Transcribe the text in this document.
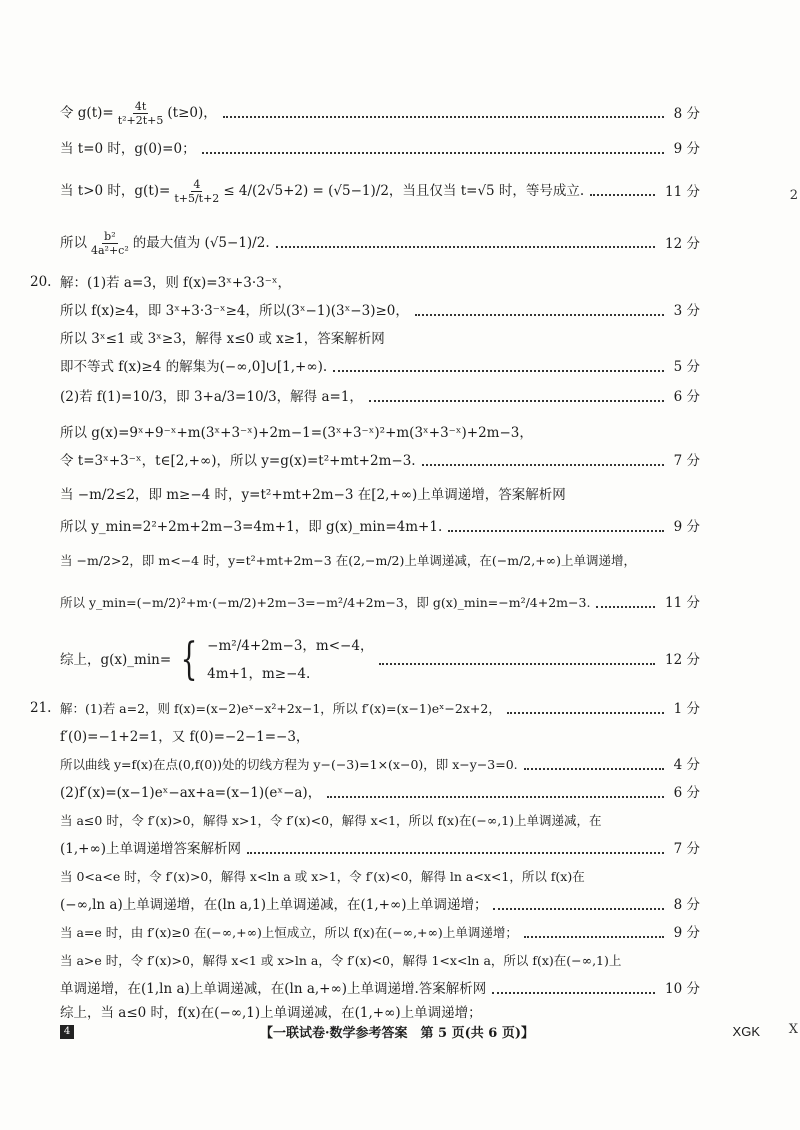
令 $g(t)= \frac{4t}{\text{t²+2t+5}} (t\ge 0)$，	8 分
当 t=0 时，g(0)=0；	9 分
当 t>0 时，$g(t)= \frac{4}{t+5/t+2} \le 4/(2√5+2) = (√5-1)/2$，当且仅当 t=√5 时，等号成立.	11 分
所以 $\frac{\text{b²}}{\text{4a²+c²}}$ 的最大值为 (√5−1)/2.	12 分
20. 解：(1)若 a=3，则 f(x)=3ˣ+3·3⁻ˣ，
所以 f(x)≥4，即 3ˣ+3·3⁻ˣ≥4，所以(3ˣ−1)(3ˣ−3)≥0，	3 分
所以 3ˣ≤1 或 3ˣ≥3，解得 x≤0 或 x≥1，答案解析网
即不等式 f(x)≥4 的解集为(−∞,0]∪[1,+∞).	5 分
(2)若 f(1)=10/3，即 3+a/3=10/3，解得 a=1，	6 分
所以 g(x)=9ˣ+9⁻ˣ+m(3ˣ+3⁻ˣ)+2m−1=(3ˣ+3⁻ˣ)²+m(3ˣ+3⁻ˣ)+2m−3，
令 t=3ˣ+3⁻ˣ，t∈[2,+∞)，所以 y=g(x)=t²+mt+2m−3.	7 分
当 −m/2≤2，即 m≥−4 时，y=t²+mt+2m−3 在[2,+∞)上单调递增，答案解析网
所以 y_min=2²+2m+2m−3=4m+1，即 g(x)_min=4m+1.	9 分
当 −m/2>2，即 m<−4 时，y=t²+mt+2m−3 在(2,−m/2)上单调递减，在(−m/2,+∞)上单调递增，
所以 y_min=(−m/2)²+m·(−m/2)+2m−3=−m²/4+2m−3，即 g(x)_min=−m²/4+2m−3.	11 分
综上，g(x)_min= { −m²/4+2m−3，m<−4，
4m+1，m≥−4.
12 分
21. 解：(1)若 a=2，则 f(x)=(x−2)eˣ−x²+2x−1，所以 f′(x)=(x−1)eˣ−2x+2，	1 分
f′(0)=−1+2=1，又 f(0)=−2−1=−3，
所以曲线 y=f(x)在点(0,f(0))处的切线方程为 y−(−3)=1×(x−0)，即 x−y−3=0.	4 分
(2)f′(x)=(x−1)eˣ−ax+a=(x−1)(eˣ−a)，	6 分
当 a≤0 时，令 f′(x)>0，解得 x>1，令 f′(x)<0，解得 x<1，所以 f(x)在(−∞,1)上单调递减，在
(1,+∞)上单调递增答案解析网	7 分
当 0<a<e 时，令 f′(x)>0，解得 x<ln a 或 x>1，令 f′(x)<0，解得 ln a<x<1，所以 f(x)在
(−∞,ln a)上单调递增，在(ln a,1)上单调递减，在(1,+∞)上单调递增；	8 分
当 a=e 时，由 f′(x)≥0 在(−∞,+∞)上恒成立，所以 f(x)在(−∞,+∞)上单调递增；	9 分
当 a>e 时，令 f′(x)>0，解得 x<1 或 x>ln a，令 f′(x)<0，解得 1<x<ln a，所以 f(x)在(−∞,1)上
单调递增，在(1,ln a)上单调递减，在(ln a,+∞)上单调递增.答案解析网	10 分
综上，当 a≤0 时，f(x)在(−∞,1)上单调递减，在(1,+∞)上单调递增；
2
X
4	【一联试卷·数学参考答案　第 5 页(共 6 页)】	XGK
